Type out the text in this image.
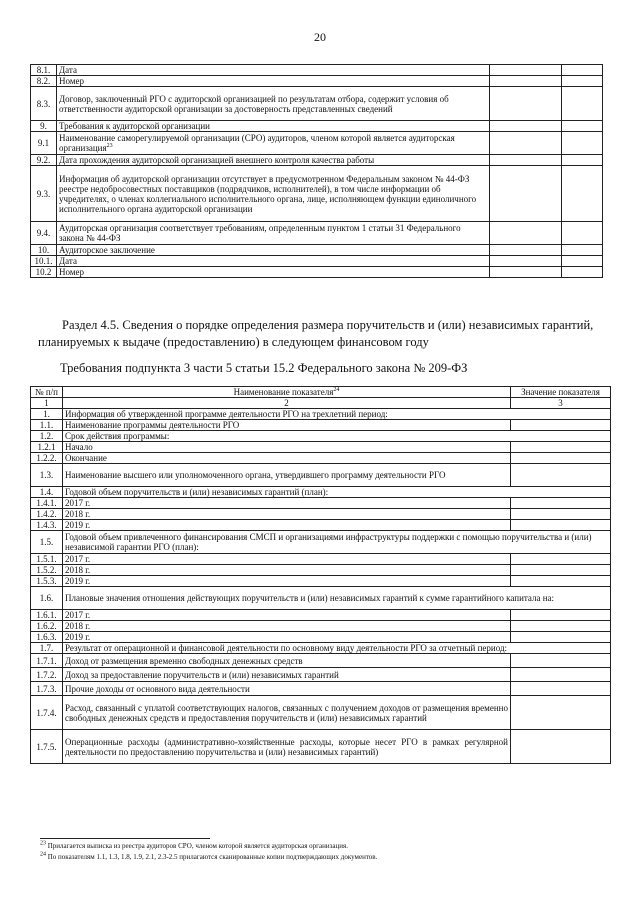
20
8.1.	Дата		
8.2.	Номер		
8.3.	Договор, заключенный РГО с аудиторской организацией по результатам отбора, содержит условия об ответственности аудиторской организации за достоверность представленных сведений		
9.	Требования к аудиторской организации		
9.1	Наименование саморегулируемой организации (СРО) аудиторов, членом которой является аудиторская организация$^{23}$		
9.2.	Дата прохождения аудиторской организацией внешнего контроля качества работы		
9.3.	Информация об аудиторской организации отсутствует в предусмотренном Федеральным законом № 44-ФЗ реестре недобросовестных поставщиков (подрядчиков, исполнителей), в том числе информации об учредителях, о членах коллегиального исполнительного органа, лице, исполняющем функции единоличного исполнительного органа аудиторской организации		
9.4.	Аудиторская организация соответствует требованиям, определенным пунктом 1 статьи 31 Федерального закона № 44-ФЗ		
10.	Аудиторское заключение		
10.1.	Дата		
10.2	Номер		
Раздел 4.5. Сведения о порядке определения размера поручительств и (или) независимых гарантий, планируемых к выдаче (предоставлению) в следующем финансовом году
Требования подпункта 3 части 5 статьи 15.2 Федерального закона № 209-ФЗ
№ п/п	Наименование показателя$^{24}$	Значение показателя
1	2	3
1.	Информация об утвержденной программе деятельности РГО на трехлетний период:	
1.1.	Наименование программы деятельности РГО	
1.2.	Срок действия программы:	
1.2.1	Начало	
1.2.2.	Окончание	
1.3.	Наименование высшего или уполномоченного органа, утвердившего программу деятельности РГО	
1.4.	Годовой объем поручительств и (или) независимых гарантий (план):	
1.4.1.	2017 г.	
1.4.2.	2018 г.	
1.4.3.	2019 г.	
1.5.	Годовой объем привлеченного финансирования СМСП и организациями инфраструктуры поддержки с помощью поручительства и (или) независимой гарантии РГО (план):	
1.5.1.	2017 г.	
1.5.2.	2018 г.	
1.5.3.	2019 г.	
1.6.	Плановые значения отношения действующих поручительств и (или) независимых гарантий к сумме гарантийного капитала на:	
1.6.1.	2017 г.	
1.6.2.	2018 г.	
1.6.3.	2019 г.	
1.7.	Результат от операционной и финансовой деятельности по основному виду деятельности РГО за отчетный период:	
1.7.1.	Доход от размещения временно свободных денежных средств	
1.7.2.	Доход за предоставление поручительств и (или) независимых гарантий	
1.7.3.	Прочие доходы от основного вида деятельности	
1.7.4.	Расход, связанный с уплатой соответствующих налогов, связанных с получением доходов от размещения временно свободных денежных средств и предоставления поручительств и (или) независимых гарантий	
1.7.5.	Операционные расходы (административно-хозяйственные расходы, которые несет РГО в рамках регулярной деятельности по предоставлению поручительства и (или) независимых гарантий)	
$^{23}$ Прилагается выписка из реестра аудиторов СРО, членом которой является аудиторская организация.
$^{24}$ По показателям 1.1, 1.3, 1.8, 1.9, 2.1, 2.3-2.5 прилагаются сканированные копии подтверждающих документов.
